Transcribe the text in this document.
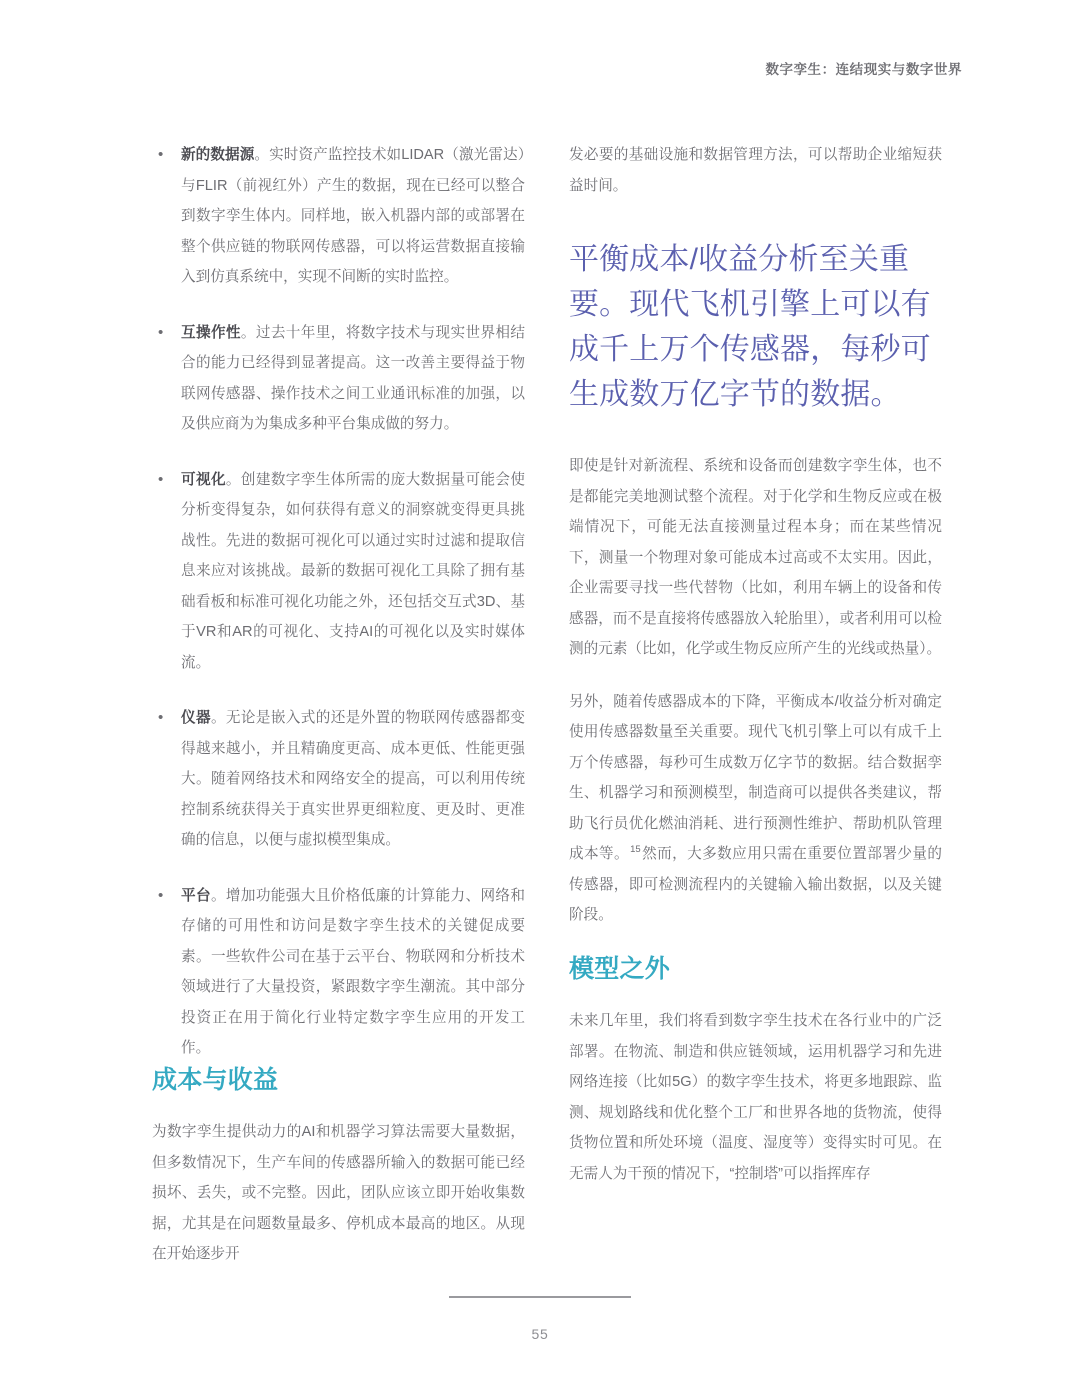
数字孪生：连结现实与数字世界
• 新的数据源。实时资产监控技术如LIDAR（激光雷达）与FLIR（前视红外）产生的数据，现在已经可以整合到数字孪生体内。同样地，嵌入机器内部的或部署在整个供应链的物联网传感器，可以将运营数据直接输入到仿真系统中，实现不间断的实时监控。
• 互操作性。过去十年里，将数字技术与现实世界相结合的能力已经得到显著提高。这一改善主要得益于物联网传感器、操作技术之间工业通讯标准的加强，以及供应商为为集成多种平台集成做的努力。
• 可视化。创建数字孪生体所需的庞大数据量可能会使分析变得复杂，如何获得有意义的洞察就变得更具挑战性。先进的数据可视化可以通过实时过滤和提取信息来应对该挑战。最新的数据可视化工具除了拥有基础看板和标准可视化功能之外，还包括交互式3D、基于VR和AR的可视化、支持AI的可视化以及实时媒体流。
• 仪器。无论是嵌入式的还是外置的物联网传感器都变得越来越小，并且精确度更高、成本更低、性能更强大。随着网络技术和网络安全的提高，可以利用传统控制系统获得关于真实世界更细粒度、更及时、更准确的信息，以便与虚拟模型集成。
• 平台。增加功能强大且价格低廉的计算能力、网络和存储的可用性和访问是数字孪生技术的关键促成要素。一些软件公司在基于云平台、物联网和分析技术领域进行了大量投资，紧跟数字孪生潮流。其中部分投资正在用于简化行业特定数字孪生应用的开发工作。
成本与收益

为数字孪生提供动力的AI和机器学习算法需要大量数据，但多数情况下，生产车间的传感器所输入的数据可能已经损坏、丢失，或不完整。因此，团队应该立即开始收集数据，尤其是在问题数量最多、停机成本最高的地区。从现在开始逐步开

发必要的基础设施和数据管理方法，可以帮助企业缩短获益时间。

平衡成本/收益分析至关重要。现代飞机引擎上可以有成千上万个传感器，每秒可生成数万亿字节的数据。

即使是针对新流程、系统和设备而创建数字孪生体，也不是都能完美地测试整个流程。对于化学和生物反应或在极端情况下，可能无法直接测量过程本身；而在某些情况下，测量一个物理对象可能成本过高或不太实用。因此，企业需要寻找一些代替物（比如，利用车辆上的设备和传感器，而不是直接将传感器放入轮胎里），或者利用可以检测的元素（比如，化学或生物反应所产生的光线或热量）。

另外，随着传感器成本的下降，平衡成本/收益分析对确定使用传感器数量至关重要。现代飞机引擎上可以有成千上万个传感器，每秒可生成数万亿字节的数据。结合数据孪生、机器学习和预测模型，制造商可以提供各类建议，帮助飞行员优化燃油消耗、进行预测性维护、帮助机队管理成本等。$^{15}$然而，大多数应用只需在重要位置部署少量的传感器，即可检测流程内的关键输入输出数据，以及关键阶段。

模型之外

未来几年里，我们将看到数字孪生技术在各行业中的广泛部署。在物流、制造和供应链领域，运用机器学习和先进网络连接（比如5G）的数字孪生技术，将更多地跟踪、监测、规划路线和优化整个工厂和世界各地的货物流，使得货物位置和所处环境（温度、湿度等）变得实时可见。在无需人为干预的情况下，“控制塔”可以指挥库存

55
